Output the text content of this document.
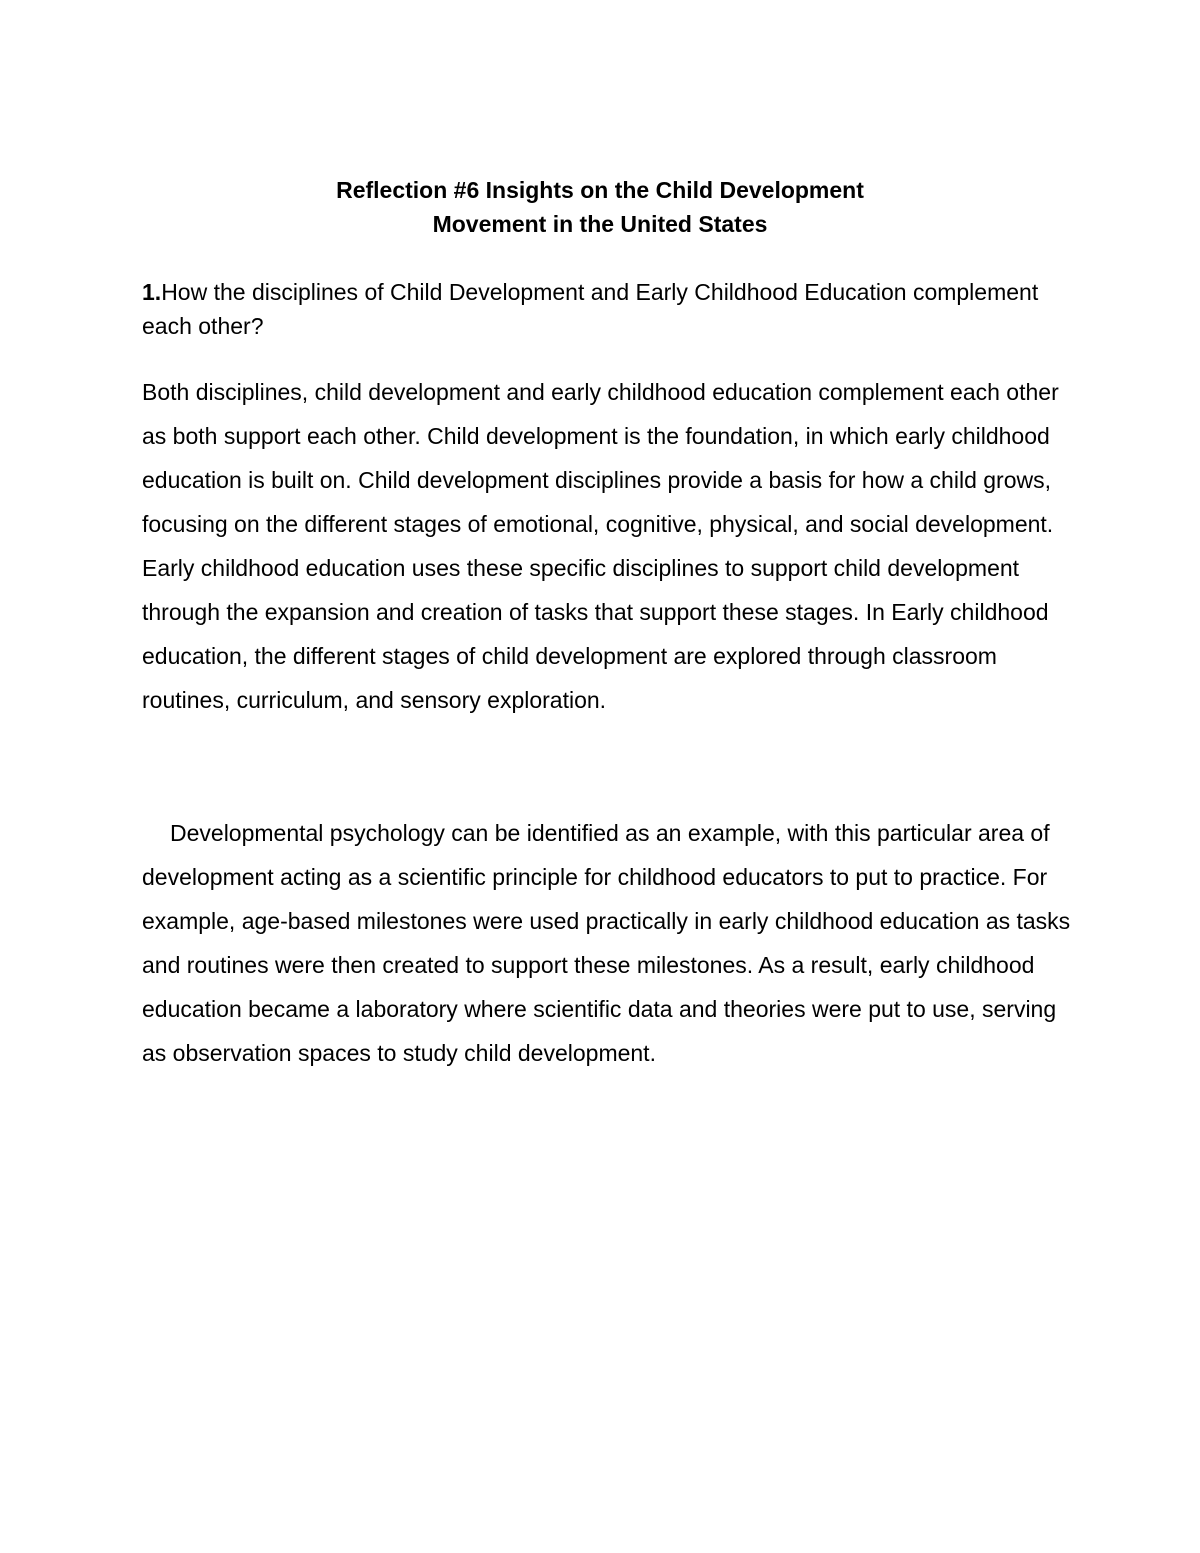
Reflection #6 Insights on the Child Development
Movement in the United States
1.How the disciplines of Child Development and Early Childhood Education complement each other?
Both disciplines, child development and early childhood education complement each other as both support each other. Child development is the foundation, in which early childhood education is built on. Child development disciplines provide a basis for how a child grows, focusing on the different stages of emotional, cognitive, physical, and social development. Early childhood education uses these specific disciplines to support child development through the expansion and creation of tasks that support these stages. In Early childhood education, the different stages of child development are explored through classroom routines, curriculum, and sensory exploration.
Developmental psychology can be identified as an example, with this particular area of development acting as a scientific principle for childhood educators to put to practice. For example, age-based milestones were used practically in early childhood education as tasks and routines were then created to support these milestones. As a result, early childhood education became a laboratory where scientific data and theories were put to use, serving as observation spaces to study child development.
